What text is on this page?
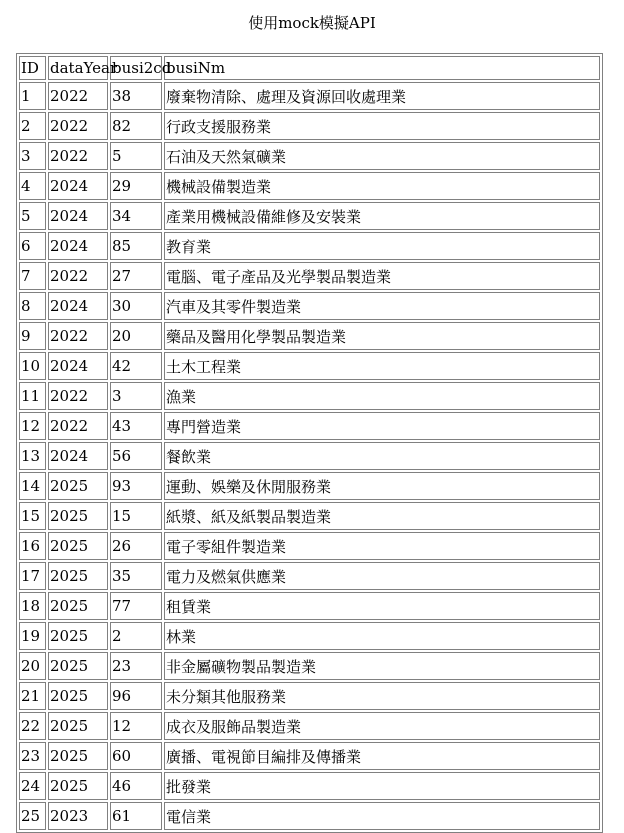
使用mock模擬API
ID	dataYear	busi2cd	busiNm
1	2022	38	廢棄物清除、處理及資源回收處理業
2	2022	82	行政支援服務業
3	2022	5	石油及天然氣礦業
4	2024	29	機械設備製造業
5	2024	34	產業用機械設備維修及安裝業
6	2024	85	教育業
7	2022	27	電腦、電子產品及光學製品製造業
8	2024	30	汽車及其零件製造業
9	2022	20	藥品及醫用化學製品製造業
10	2024	42	土木工程業
11	2022	3	漁業
12	2022	43	專門營造業
13	2024	56	餐飲業
14	2025	93	運動、娛樂及休閒服務業
15	2025	15	紙漿、紙及紙製品製造業
16	2025	26	電子零組件製造業
17	2025	35	電力及燃氣供應業
18	2025	77	租賃業
19	2025	2	林業
20	2025	23	非金屬礦物製品製造業
21	2025	96	未分類其他服務業
22	2025	12	成衣及服飾品製造業
23	2025	60	廣播、電視節目編排及傳播業
24	2025	46	批發業
25	2023	61	電信業
